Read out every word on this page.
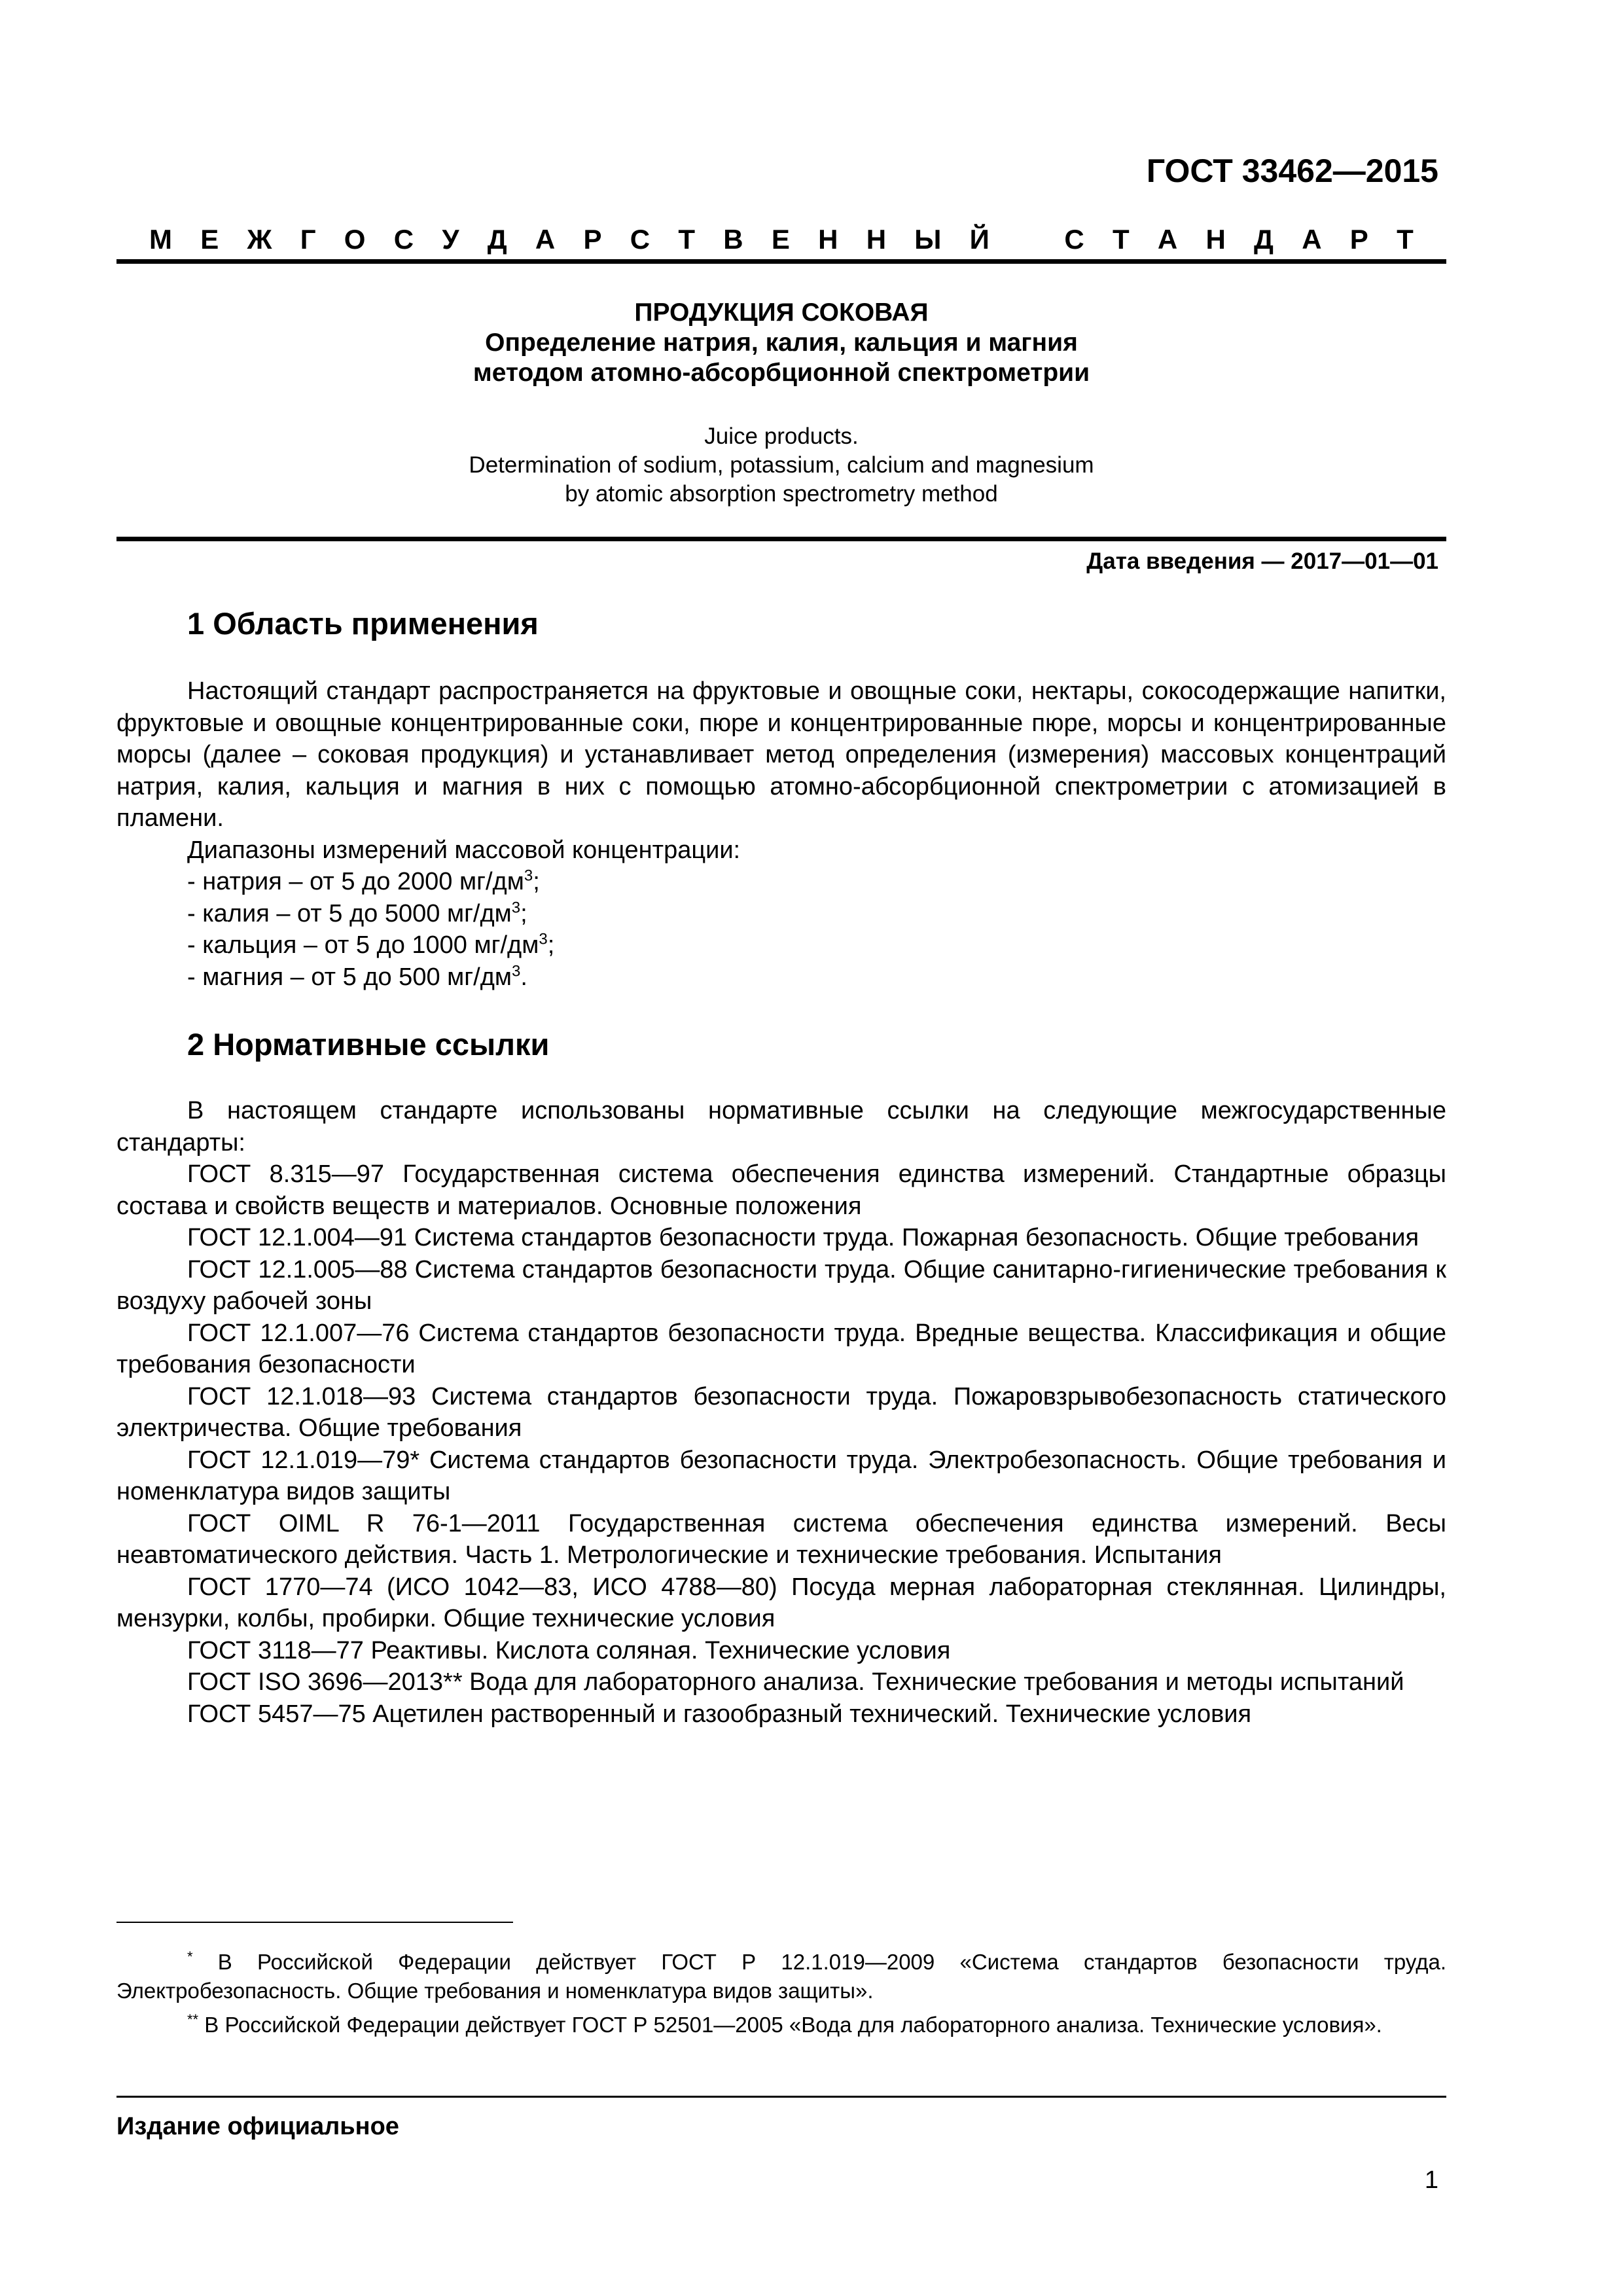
ГОСТ 33462—2015
М Е Ж Г О С У Д А Р С Т В Е Н Н Ы Й	С Т А Н Д А Р Т
ПРОДУКЦИЯ СОКОВАЯ
Определение натрия, калия, кальция и магния
методом атомно-абсорбционной спектрометрии
Juice products.
Determination of sodium, potassium, calcium and magnesium
by atomic absorption spectrometry method
Дата введения — 2017—01—01
1 Область применения

Настоящий стандарт распространяется на фруктовые и овощные соки, нектары, сокосодержащие напитки, фруктовые и овощные концентрированные соки, пюре и концентрированные пюре, морсы и концентрированные морсы (далее – соковая продукция) и устанавливает метод определения (измерения) массовых концентраций натрия, калия, кальция и магния в них с помощью атомно-абсорбционной спектрометрии с атомизацией в пламени.

Диапазоны измерений массовой концентрации:
- натрия – от 5 до 2000 $мг/дм^3$;
- калия – от 5 до 5000 $мг/дм^3$;
- кальция – от 5 до 1000 $мг/дм^3$;
- магния – от 5 до 500 $мг/дм^3$.
2 Нормативные ссылки

В настоящем стандарте использованы нормативные ссылки на следующие межгосударственные стандарты:

ГОСТ 8.315—97 Государственная система обеспечения единства измерений. Стандартные образцы состава и свойств веществ и материалов. Основные положения

ГОСТ 12.1.004—91 Система стандартов безопасности труда. Пожарная безопасность. Общие требования

ГОСТ 12.1.005—88 Система стандартов безопасности труда. Общие санитарно-гигиенические требования к воздуху рабочей зоны

ГОСТ 12.1.007—76 Система стандартов безопасности труда. Вредные вещества. Классификация и общие требования безопасности

ГОСТ 12.1.018—93 Система стандартов безопасности труда. Пожаровзрывобезопасность статического электричества. Общие требования

ГОСТ 12.1.019—79* Система стандартов безопасности труда. Электробезопасность. Общие требования и номенклатура видов защиты

ГОСТ OIML R 76-1—2011 Государственная система обеспечения единства измерений. Весы неавтоматического действия. Часть 1. Метрологические и технические требования. Испытания

ГОСТ 1770—74 (ИСО 1042—83, ИСО 4788—80) Посуда мерная лабораторная стеклянная. Цилиндры, мензурки, колбы, пробирки. Общие технические условия

ГОСТ 3118—77 Реактивы. Кислота соляная. Технические условия

ГОСТ ISO 3696—2013** Вода для лабораторного анализа. Технические требования и методы испытаний

ГОСТ 5457—75 Ацетилен растворенный и газообразный технический. Технические условия

* В Российской Федерации действует ГОСТ Р 12.1.019—2009 «Система стандартов безопасности труда. Электробезопасность. Общие требования и номенклатура видов защиты».

** В Российской Федерации действует ГОСТ Р 52501—2005 «Вода для лабораторного анализа. Технические условия».

Издание официальное
1
